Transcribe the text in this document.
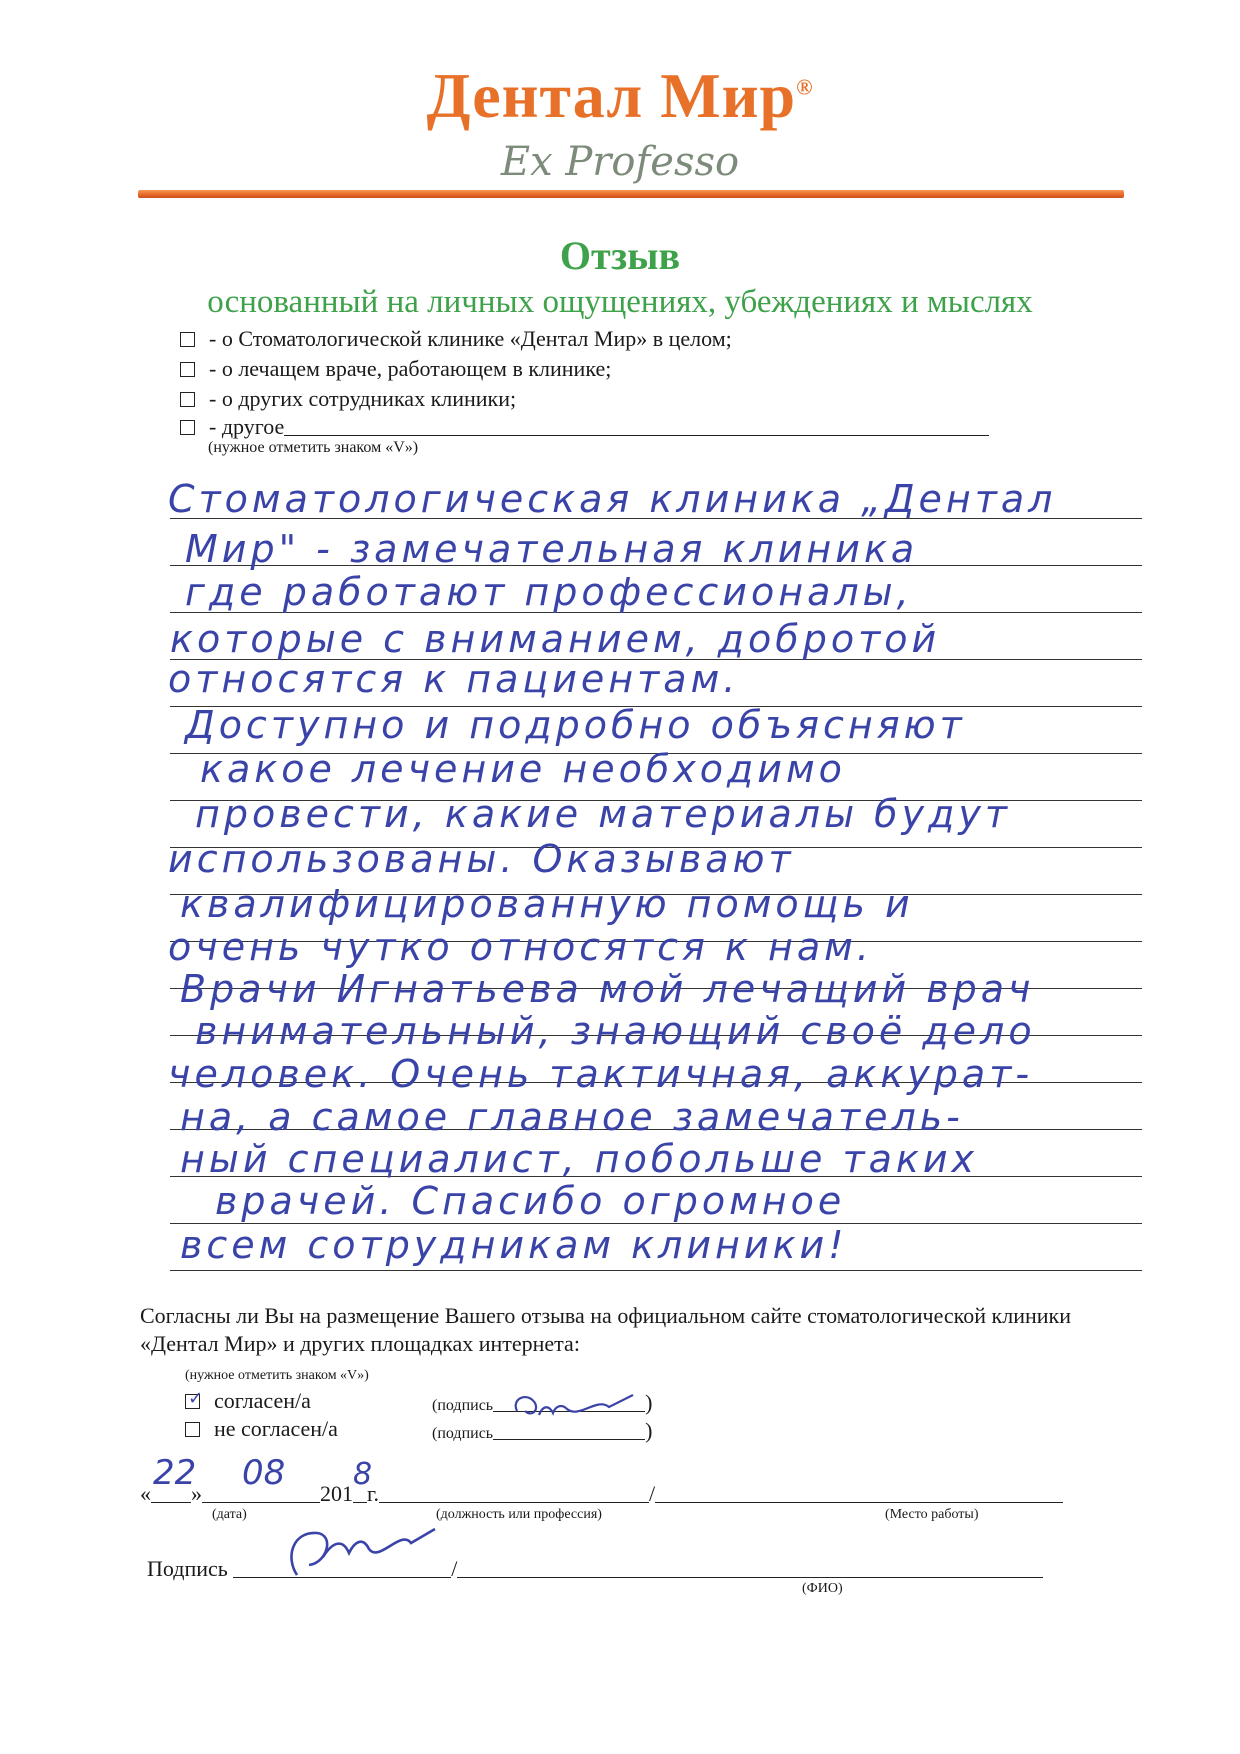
Дентал Мир®
Ex Professo
Отзыв
основанный на личных ощущениях, убеждениях и мыслях
- о Стоматологической клинике «Дентал Мир» в целом;
- о лечащем враче, работающем в клинике;
- о других сотрудниках клиники;
- другое
(нужное отметить знаком «V»)
Стоматологическая клиника „Дентал
Мир" - замечательная клиника
где работают профессионалы,
которые с вниманием, добротой
относятся к пациентам.
Доступно и подробно объясняют
какое лечение необходимо
провести, какие материалы будут
использованы. Оказывают
квалифицированную помощь и
очень чутко относятся к нам.
Врачи Игнатьева мой лечащий врач
внимательный, знающий своё дело
человек. Очень тактичная, аккурат-
на, а самое главное замечатель-
ный специалист, побольше таких
врачей. Спасибо огромное
всем сотрудникам клиники!
Согласны ли Вы на размещение Вашего отзыва на официальном сайте стоматологической клиники «Дентал Мир» и других площадках интернета:
(нужное отметить знаком «V»)
✓ согласен/а	(подпись	)
не согласен/а	(подпись	)
«
22
»
08
201
8
г.	/
(дата)	(должность или профессия)	(Место работы)
Подпись	/
(ФИО)
